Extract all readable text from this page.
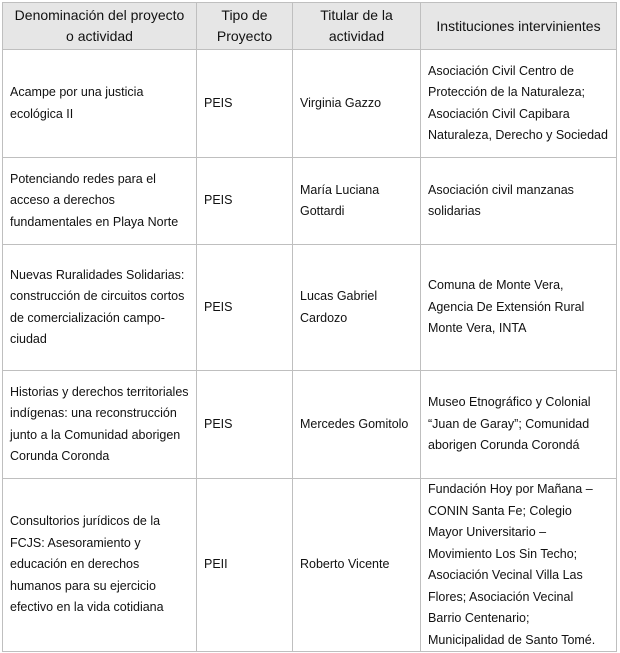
Denominación del proyecto o actividad	Tipo de Proyecto	Titular de la actividad	Instituciones intervinientes
Acampe por una justicia ecológica II	PEIS	Virginia Gazzo	Asociación Civil Centro de Protección de la Naturaleza; Asociación Civil Capibara Naturaleza, Derecho y Sociedad
Potenciando redes para el acceso a derechos fundamentales en Playa Norte	PEIS	María Luciana Gottardi	Asociación civil manzanas solidarias
Nuevas Ruralidades Solidarias: construcción de circuitos cortos de comercialización campo-ciudad	PEIS	Lucas Gabriel Cardozo	Comuna de Monte Vera, Agencia De Extensión Rural Monte Vera, INTA
Historias y derechos territoriales indígenas: una reconstrucción junto a la Comunidad aborigen Corunda Coronda	PEIS	Mercedes Gomitolo	Museo Etnográfico y Colonial “Juan de Garay”; Comunidad aborigen Corunda Corondá
Consultorios jurídicos de la FCJS: Asesoramiento y educación en derechos humanos para su ejercicio efectivo en la vida cotidiana	PEII	Roberto Vicente	Fundación Hoy por Mañana – CONIN Santa Fe; Colegio Mayor Universitario – Movimiento Los Sin Techo; Asociación Vecinal Villa Las Flores; Asociación Vecinal Barrio Centenario; Municipalidad de Santo Tomé.
